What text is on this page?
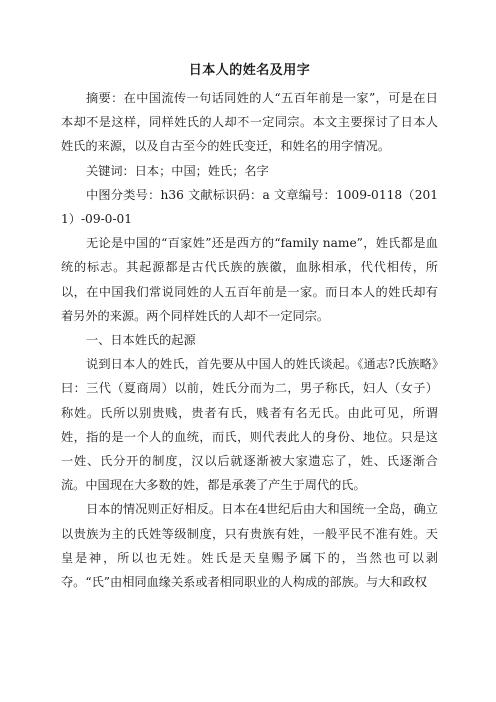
日本人的姓名及用字

摘要：在中国流传一句话同姓的人“五百年前是一家”，可是在日本却不是这样，同样姓氏的人却不一定同宗。本文主要探讨了日本人姓氏的来源，以及自古至今的姓氏变迁，和姓名的用字情况。

关键词：日本；中国；姓氏；名字

中图分类号：h36 文献标识码：a 文章编号：1009-0118（2011）-09-0-01

无论是中国的“百家姓”还是西方的“family name”，姓氏都是血统的标志。其起源都是古代氏族的族徽，血脉相承，代代相传，所以，在中国我们常说同姓的人五百年前是一家。而日本人的姓氏却有着另外的来源。两个同样姓氏的人却不一定同宗。

一、日本姓氏的起源

说到日本人的姓氏，首先要从中国人的姓氏谈起。《通志?氏族略》曰：三代（夏商周）以前，姓氏分而为二，男子称氏，妇人（女子）称姓。氏所以别贵贱，贵者有氏，贱者有名无氏。由此可见，所谓姓，指的是一个人的血统，而氏，则代表此人的身份、地位。只是这一姓、氏分开的制度，汉以后就逐渐被大家遗忘了，姓、氏逐渐合流。中国现在大多数的姓，都是承袭了产生于周代的氏。

日本的情况则正好相反。日本在4世纪后由大和国统一全岛，确立以贵族为主的氏姓等级制度，只有贵族有姓，一般平民不准有姓。天皇是神，所以也无姓。姓氏是天皇赐予属下的，当然也可以剥夺。“氏”由相同血缘关系或者相同职业的人构成的部族。与大和政权
